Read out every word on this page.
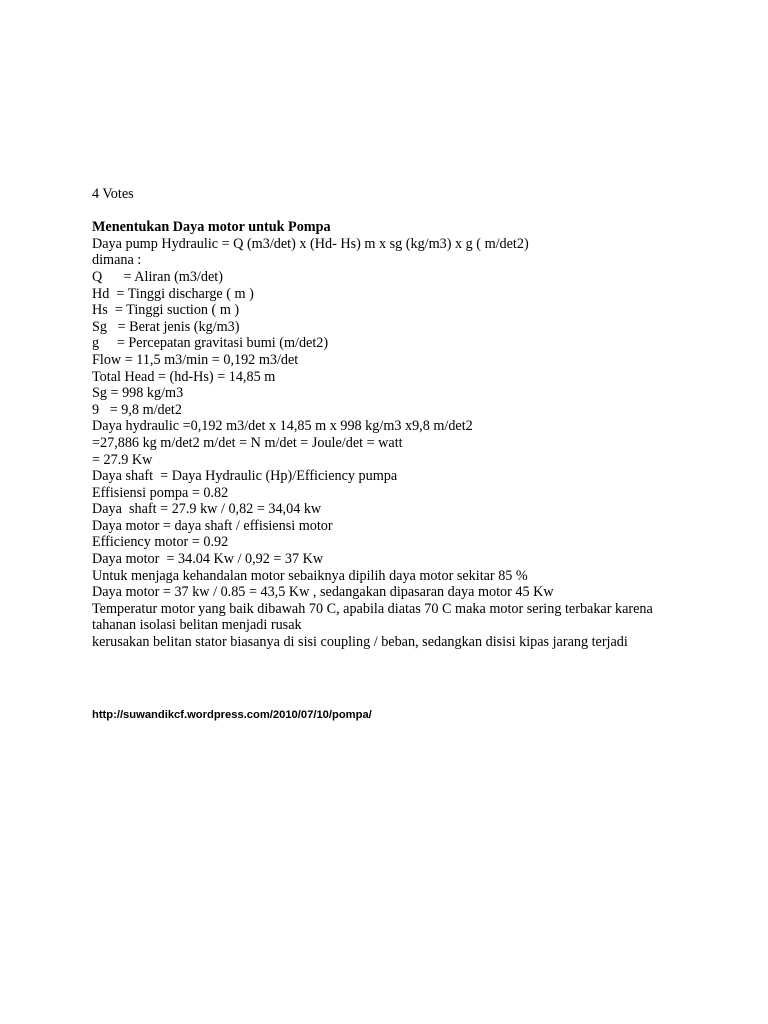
4 Votes
Menentukan Daya motor untuk Pompa
Daya pump Hydraulic = Q (m3/det) x (Hd- Hs) m x sg (kg/m3) x g ( m/det2)
dimana :
Q      = Aliran (m3/det)
Hd  = Tinggi discharge ( m )
Hs  = Tinggi suction ( m )
Sg   = Berat jenis (kg/m3)
g     = Percepatan gravitasi bumi (m/det2)
Flow = 11,5 m3/min = 0,192 m3/det
Total Head = (hd-Hs) = 14,85 m
Sg = 998 kg/m3
9   = 9,8 m/det2
Daya hydraulic =0,192 m3/det x 14,85 m x 998 kg/m3 x9,8 m/det2
=27,886 kg m/det2 m/det = N m/det = Joule/det = watt
= 27.9 Kw
Daya shaft  = Daya Hydraulic (Hp)/Efficiency pumpa
Effisiensi pompa = 0.82
Daya  shaft = 27.9 kw / 0,82 = 34,04 kw
Daya motor = daya shaft / effisiensi motor
Efficiency motor = 0.92
Daya motor  = 34.04 Kw / 0,92 = 37 Kw
Untuk menjaga kehandalan motor sebaiknya dipilih daya motor sekitar 85 %
Daya motor = 37 kw / 0.85 = 43,5 Kw , sedangakan dipasaran daya motor 45 Kw
Temperatur motor yang baik dibawah 70 C, apabila diatas 70 C maka motor sering terbakar karena tahanan isolasi belitan menjadi rusak
kerusakan belitan stator biasanya di sisi coupling / beban, sedangkan disisi kipas jarang terjadi
http://suwandikcf.wordpress.com/2010/07/10/pompa/
